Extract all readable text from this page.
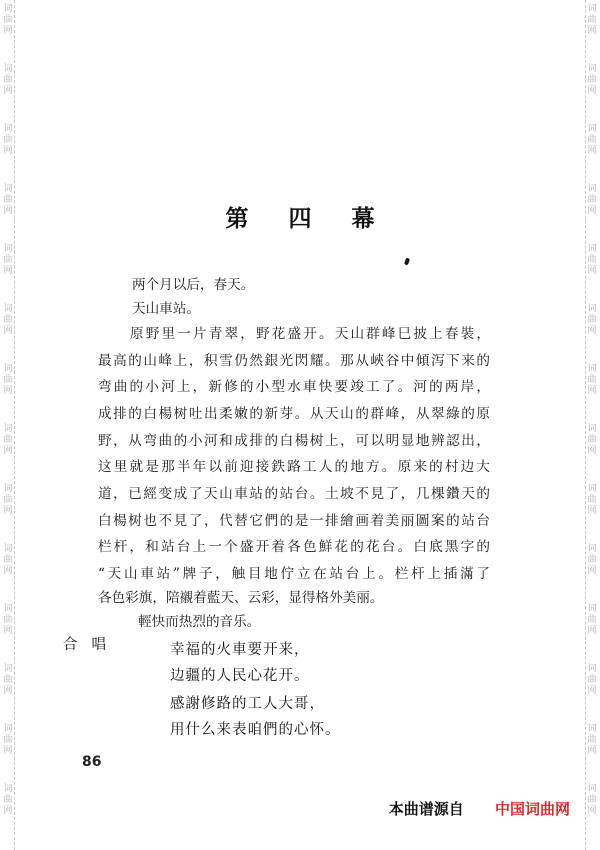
词
曲
网
词
曲
网
词
曲
网
词
曲
网
词
曲
网
词
曲
网
词
曲
网
词
曲
网
词
曲
网
词
曲
网
词
曲
网
词
曲
网
词
曲
网
词
曲
网
词
曲
网
词
曲
网
词
曲
网
词
曲
网
词
曲
网
词
曲
网
词
曲
网
词
曲
网
词
曲
网
词
曲
网
词
曲
网
词
曲
网
词
曲
网
词
曲
网
第 四 幕
两个月以后，春天。
天山車站。
原野里一片青翠，野花盛开。天山群峰巳披上春裝，
最高的山峰上，积雪仍然銀光閃耀。那从峽谷中傾泻下来的
弯曲的小河上，新修的小型水車快要竣工了。河的两岸，
成排的白楊树吐出柔嫩的新芽。从天山的群峰，从翠綠的原
野，从弯曲的小河和成排的白楊树上，可以明显地辨認出，
这里就是那半年以前迎接鉄路工人的地方。原来的村边大
道，已經变成了天山車站的站台。土坡不見了，几棵鑽天的
白楊树也不見了，代替它們的是一排繪画着美丽圖案的站台
栏杆，和站台上一个盛开着各色鮮花的花台。白底黑字的
“天山車站”牌子，触目地佇立在站台上。栏杆上插滿了
各色彩旗，陪襯着藍天、云彩，显得格外美丽。
輕快而热烈的音乐。
合唱	幸福的火車要开来，
边疆的人民心花开。
感謝修路的工人大哥，
用什么来表咱們的心怀。
86
本曲谱源自 中国词曲网
